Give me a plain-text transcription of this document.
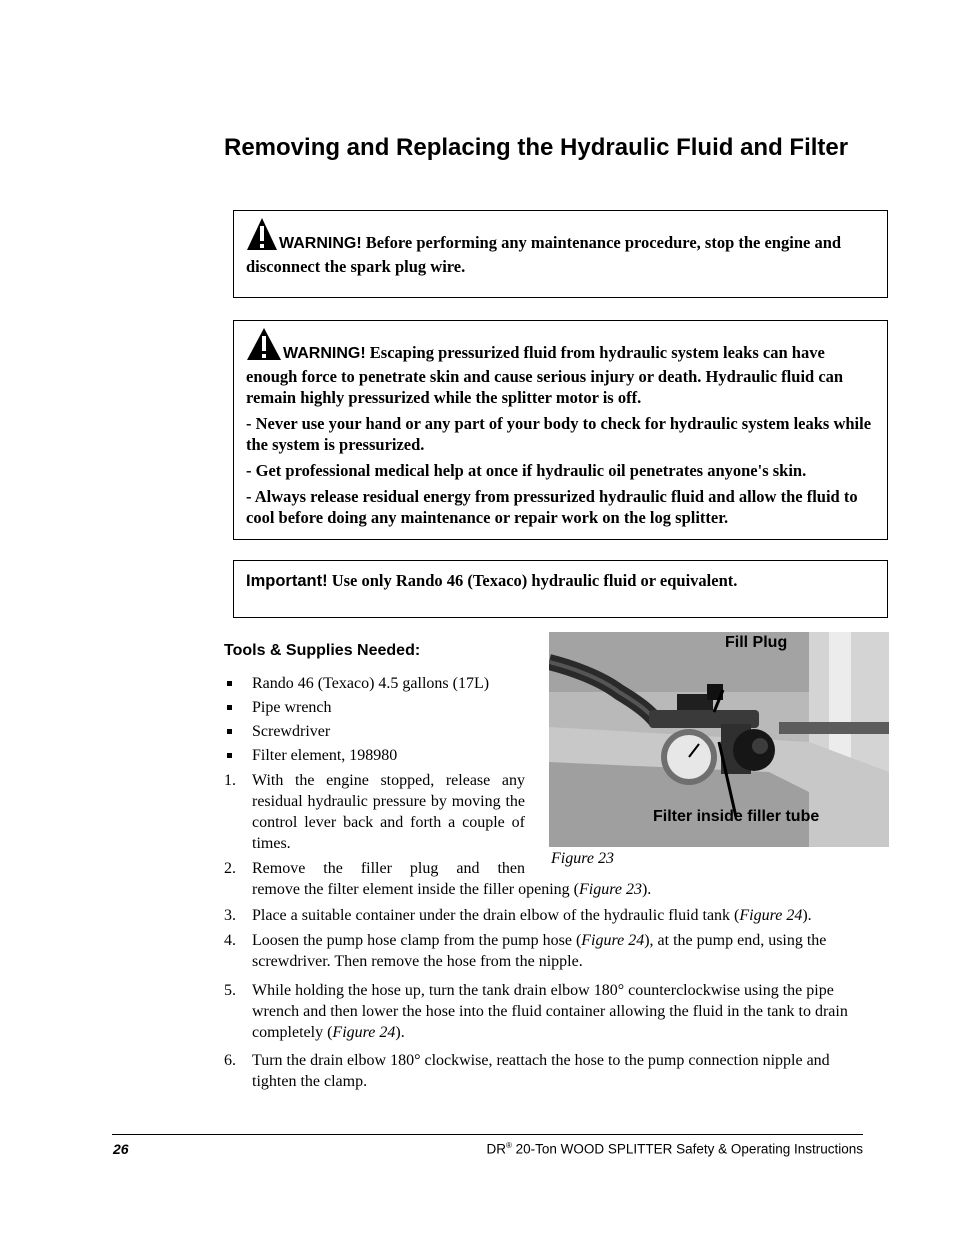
Removing and Replacing the Hydraulic Fluid and Filter

WARNING! Before performing any maintenance procedure, stop the engine and disconnect the spark plug wire.

WARNING! Escaping pressurized fluid from hydraulic system leaks can have enough force to penetrate skin and cause serious injury or death. Hydraulic fluid can remain highly pressurized while the splitter motor is off.

- Never use your hand or any part of your body to check for hydraulic system leaks while the system is pressurized.

- Get professional medical help at once if hydraulic oil penetrates anyone's skin.

- Always release residual energy from pressurized hydraulic fluid and allow the fluid to cool before doing any maintenance or repair work on the log splitter.

Important! Use only Rando 46 (Texaco) hydraulic fluid or equivalent.

Tools & Supplies Needed:
Rando 46 (Texaco) 4.5 gallons (17L)
Pipe wrench
Screwdriver
Filter element, 198980
1. With the engine stopped, release any residual hydraulic pressure by moving the control lever back and forth a couple of times.
2. Remove the filler plug and then
remove the filter element inside the filler opening (Figure 23).
3. Place a suitable container under the drain elbow of the hydraulic fluid tank (Figure 24).
4. Loosen the pump hose clamp from the pump hose (Figure 24), at the pump end, using the screwdriver. Then remove the hose from the nipple.
5. While holding the hose up, turn the tank drain elbow 180° counterclockwise using the pipe wrench and then lower the hose into the fluid container allowing the fluid in the tank to drain completely (Figure 24).
6. Turn the drain elbow 180° clockwise, reattach the hose to the pump connection nipple and tighten the clamp.
Fill Plug
Filter inside filler tube
Figure 23
26	DR® 20-Ton WOOD SPLITTER Safety & Operating Instructions
